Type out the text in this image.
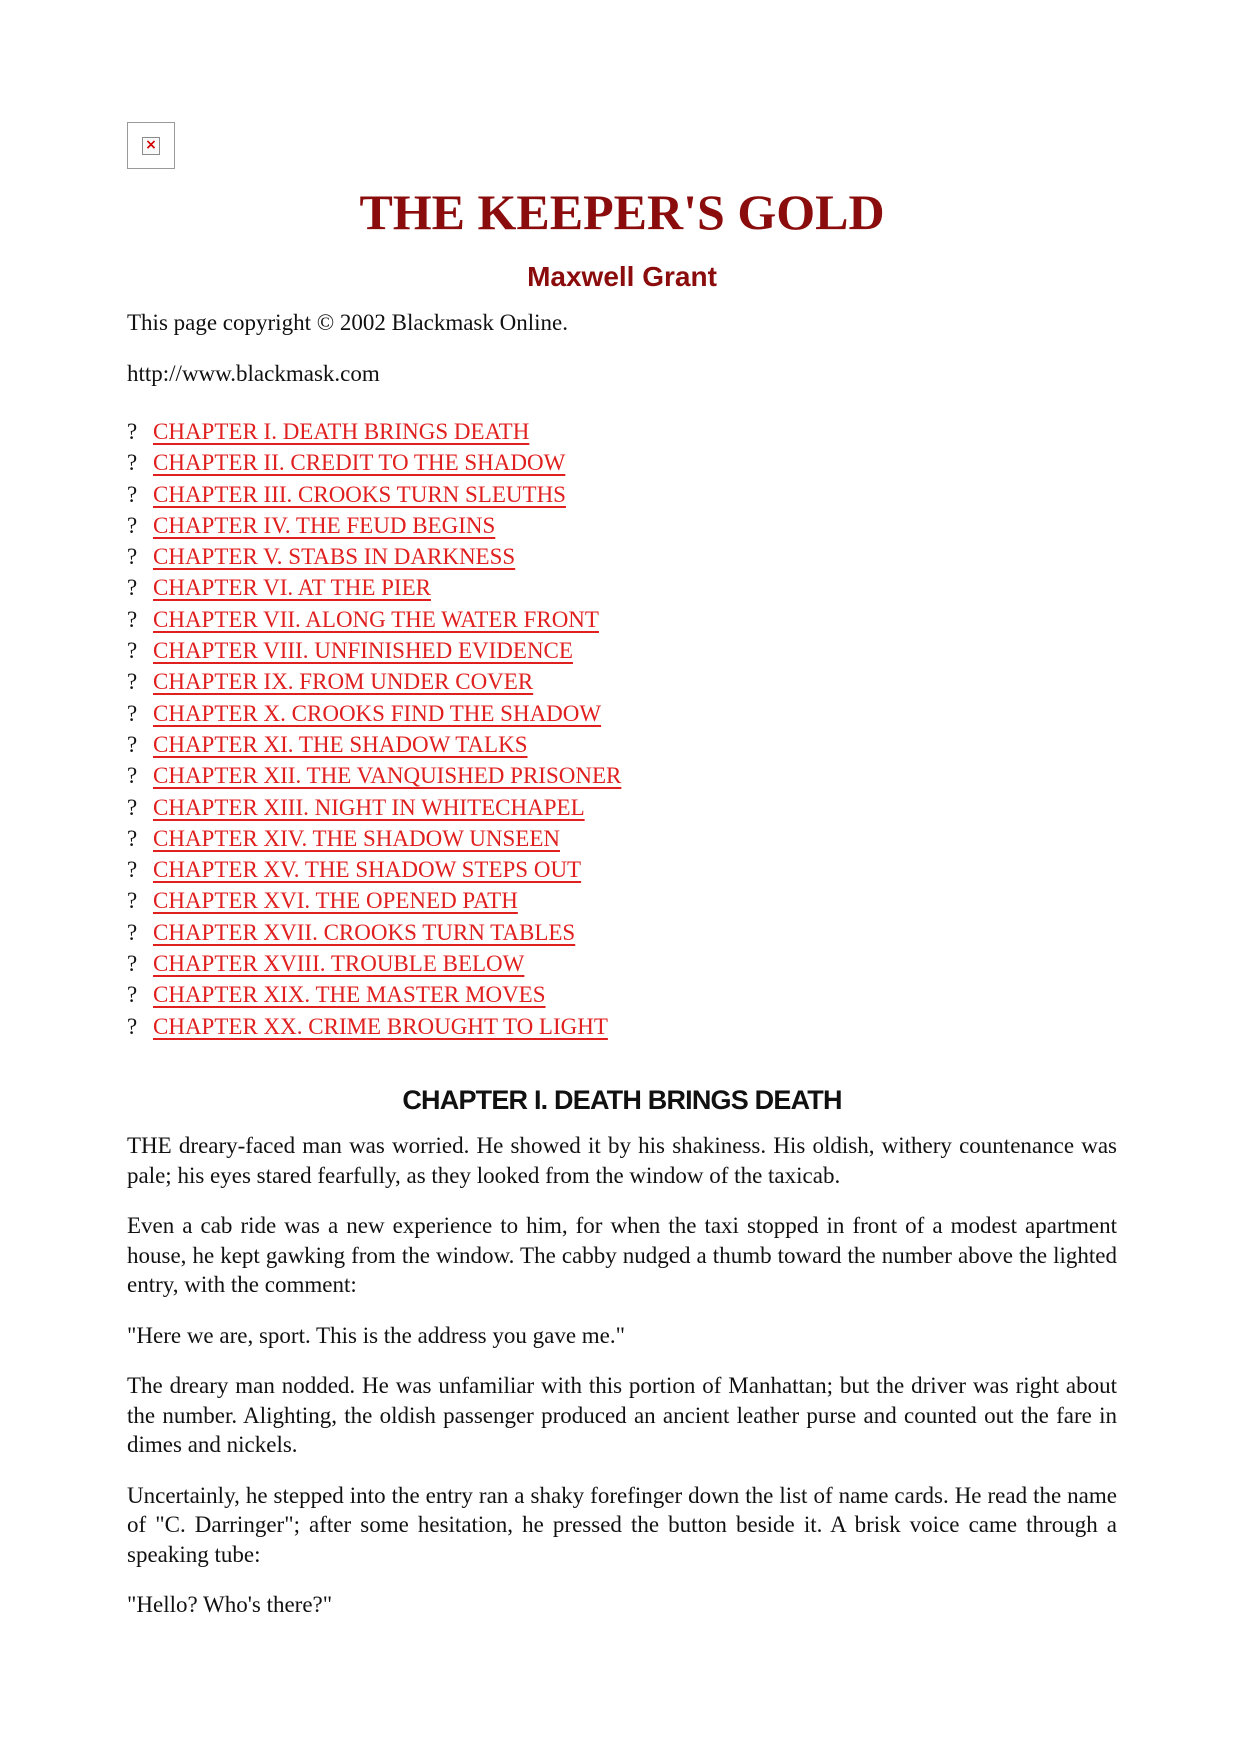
×
THE KEEPER'S GOLD
Maxwell Grant

This page copyright © 2002 Blackmask Online.

http://www.blackmask.com

? CHAPTER I. DEATH BRINGS DEATH
? CHAPTER II. CREDIT TO THE SHADOW
? CHAPTER III. CROOKS TURN SLEUTHS
? CHAPTER IV. THE FEUD BEGINS
? CHAPTER V. STABS IN DARKNESS
? CHAPTER VI. AT THE PIER
? CHAPTER VII. ALONG THE WATER FRONT
? CHAPTER VIII. UNFINISHED EVIDENCE
? CHAPTER IX. FROM UNDER COVER
? CHAPTER X. CROOKS FIND THE SHADOW
? CHAPTER XI. THE SHADOW TALKS
? CHAPTER XII. THE VANQUISHED PRISONER
? CHAPTER XIII. NIGHT IN WHITECHAPEL
? CHAPTER XIV. THE SHADOW UNSEEN
? CHAPTER XV. THE SHADOW STEPS OUT
? CHAPTER XVI. THE OPENED PATH
? CHAPTER XVII. CROOKS TURN TABLES
? CHAPTER XVIII. TROUBLE BELOW
? CHAPTER XIX. THE MASTER MOVES
? CHAPTER XX. CRIME BROUGHT TO LIGHT
CHAPTER I. DEATH BRINGS DEATH

THE dreary-faced man was worried. He showed it by his shakiness. His oldish, withery countenance was pale; his eyes stared fearfully, as they looked from the window of the taxicab.

Even a cab ride was a new experience to him, for when the taxi stopped in front of a modest apartment house, he kept gawking from the window. The cabby nudged a thumb toward the number above the lighted entry, with the comment:

"Here we are, sport. This is the address you gave me."

The dreary man nodded. He was unfamiliar with this portion of Manhattan; but the driver was right about the number. Alighting, the oldish passenger produced an ancient leather purse and counted out the fare in dimes and nickels.

Uncertainly, he stepped into the entry ran a shaky forefinger down the list of name cards. He read the name of "C. Darringer"; after some hesitation, he pressed the button beside it. A brisk voice came through a speaking tube:

"Hello? Who's there?"
